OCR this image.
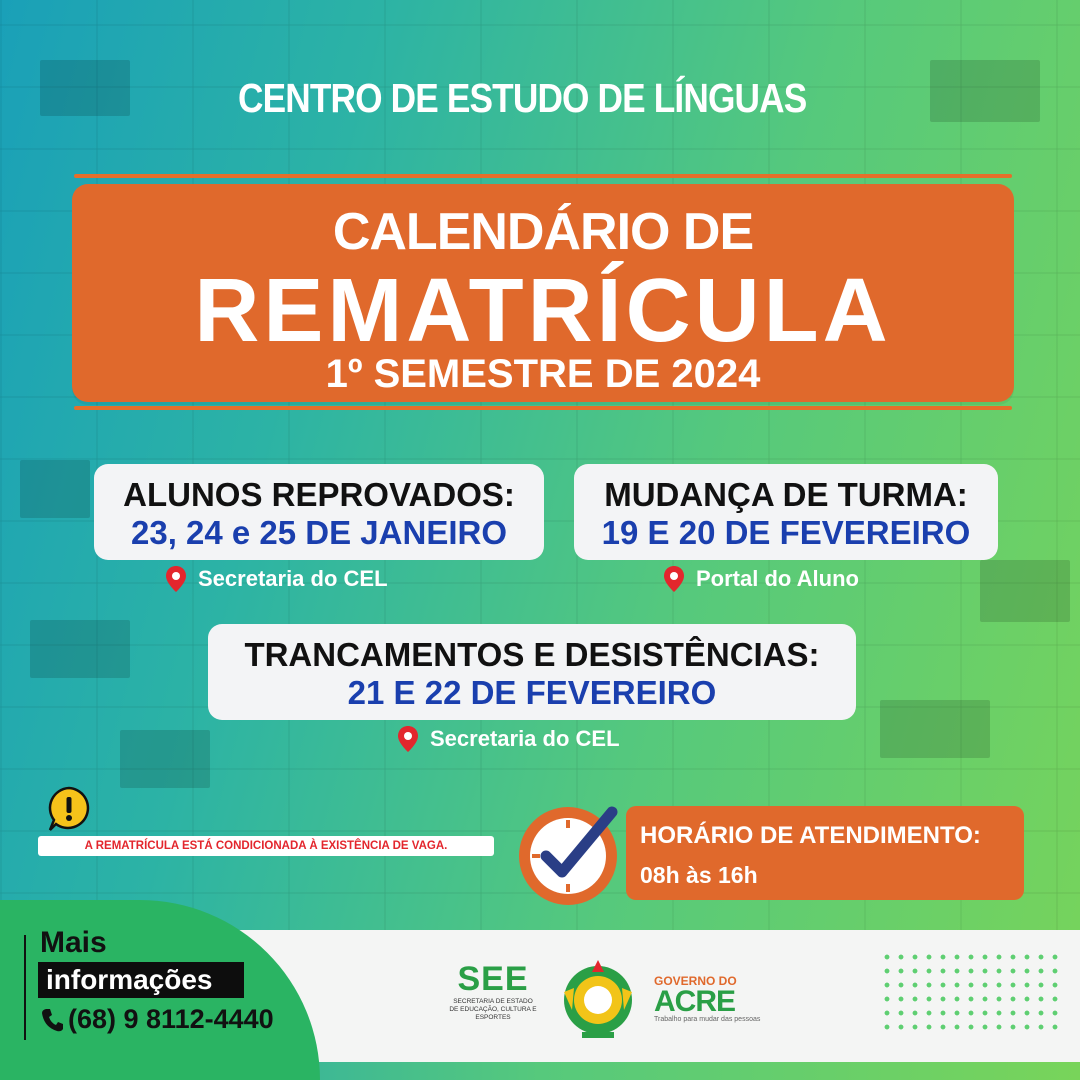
CENTRO DE ESTUDO DE LÍNGUAS
CALENDÁRIO DE
REMATRÍCULA
1º SEMESTRE DE 2024
ALUNOS REPROVADOS:
23, 24 e 25 DE JANEIRO
Secretaria do CEL
MUDANÇA DE TURMA:
19 E 20 DE FEVEREIRO
Portal do Aluno
TRANCAMENTOS E DESISTÊNCIAS:
21 E 22 DE FEVEREIRO
Secretaria do CEL
A REMATRÍCULA ESTÁ CONDICIONADA À EXISTÊNCIA DE VAGA.	HORÁRIO DE ATENDIMENTO:
08h às 16h
Mais
informações
(68) 9 8112-4440
SEE
SECRETARIA DE ESTADO DE EDUCAÇÃO, CULTURA E ESPORTES
GOVERNO DO
ACRE
Trabalho para mudar das pessoas
